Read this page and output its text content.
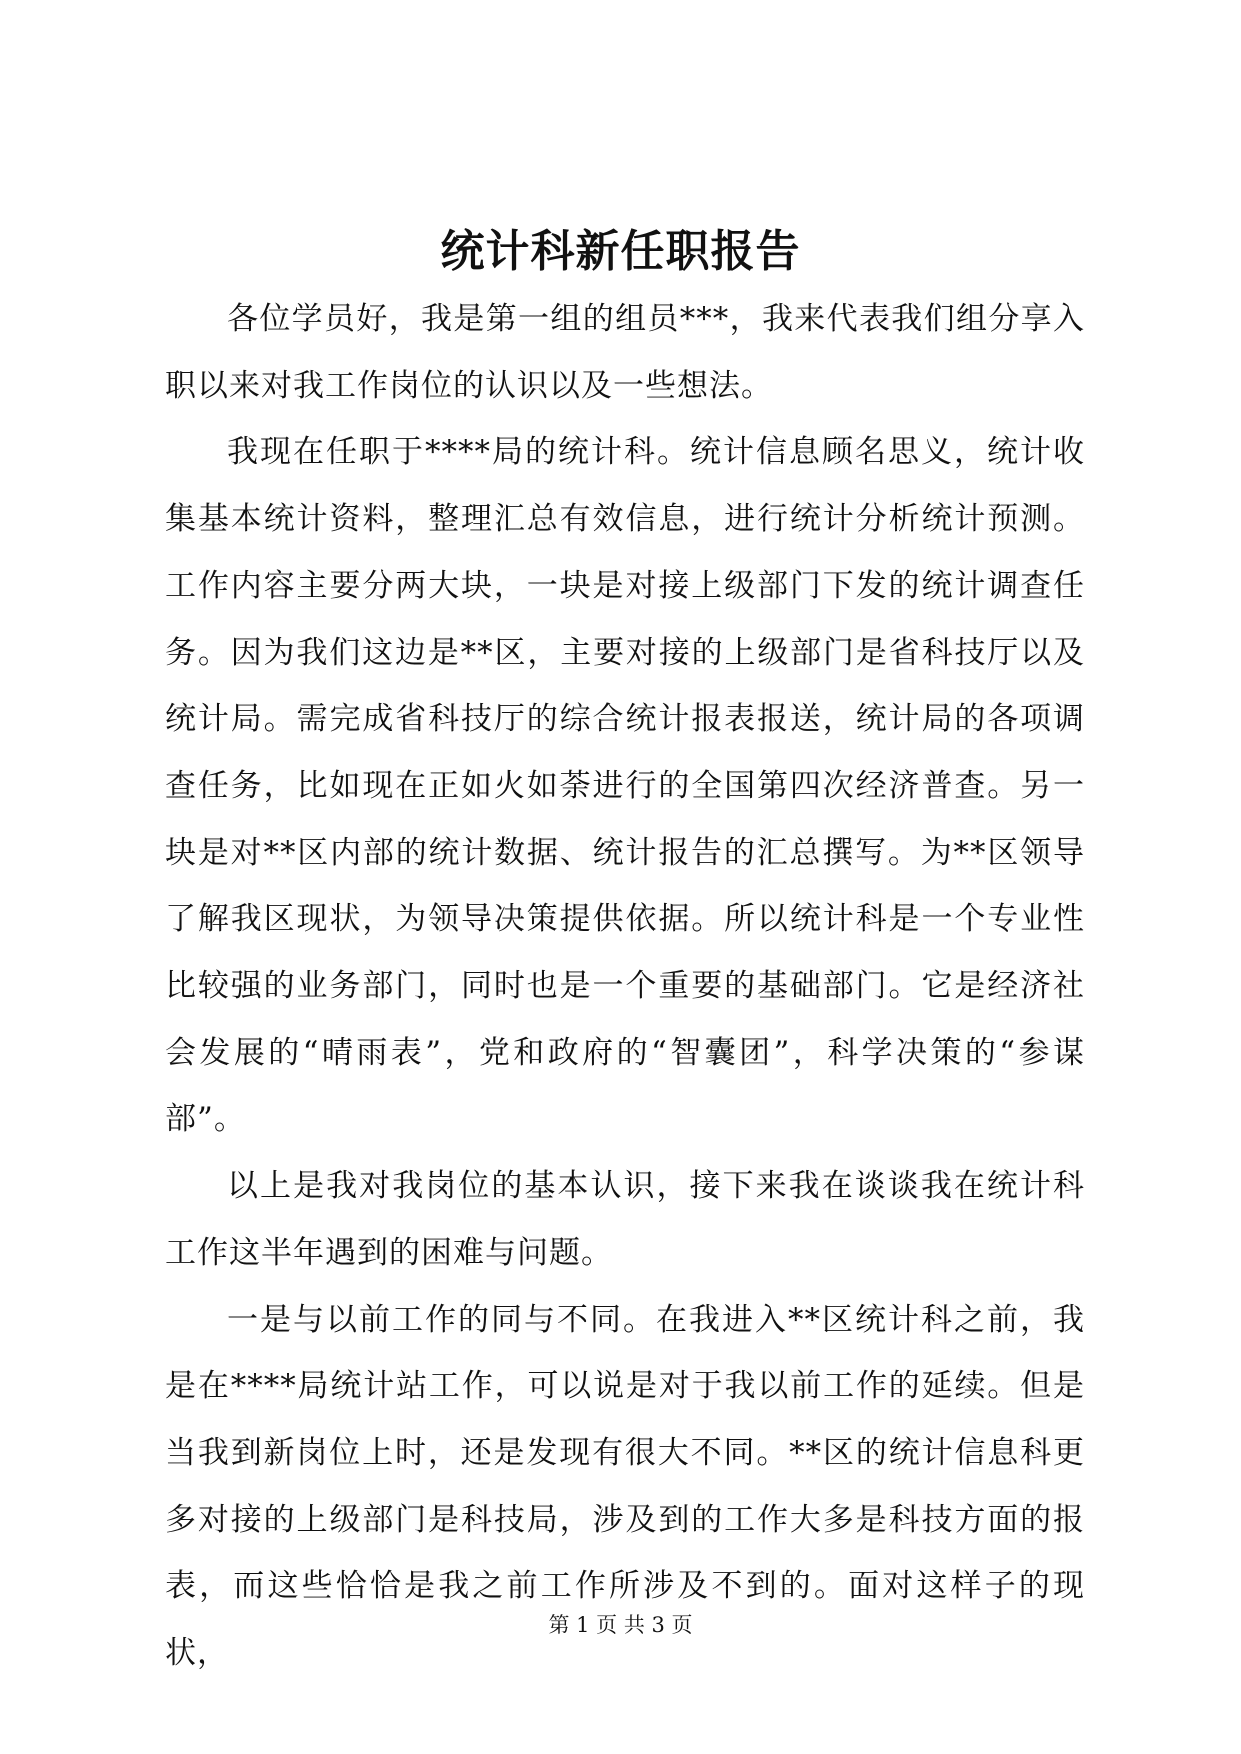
统计科新任职报告

各位学员好，我是第一组的组员***，我来代表我们组分享入职以来对我工作岗位的认识以及一些想法。

我现在任职于****局的统计科。统计信息顾名思义，统计收集基本统计资料，整理汇总有效信息，进行统计分析统计预测。工作内容主要分两大块，一块是对接上级部门下发的统计调查任务。因为我们这边是**区，主要对接的上级部门是省科技厅以及统计局。需完成省科技厅的综合统计报表报送，统计局的各项调查任务，比如现在正如火如荼进行的全国第四次经济普查。另一块是对**区内部的统计数据、统计报告的汇总撰写。为**区领导了解我区现状，为领导决策提供依据。所以统计科是一个专业性比较强的业务部门，同时也是一个重要的基础部门。它是经济社会发展的“晴雨表”，党和政府的“智囊团”，科学决策的“参谋部”。

以上是我对我岗位的基本认识，接下来我在谈谈我在统计科工作这半年遇到的困难与问题。

一是与以前工作的同与不同。在我进入**区统计科之前，我是在****局统计站工作，可以说是对于我以前工作的延续。但是当我到新岗位上时，还是发现有很大不同。**区的统计信息科更多对接的上级部门是科技局，涉及到的工作大多是科技方面的报表，而这些恰恰是我之前工作所涉及不到的。面对这样子的现状，

第 1 页 共 3 页
